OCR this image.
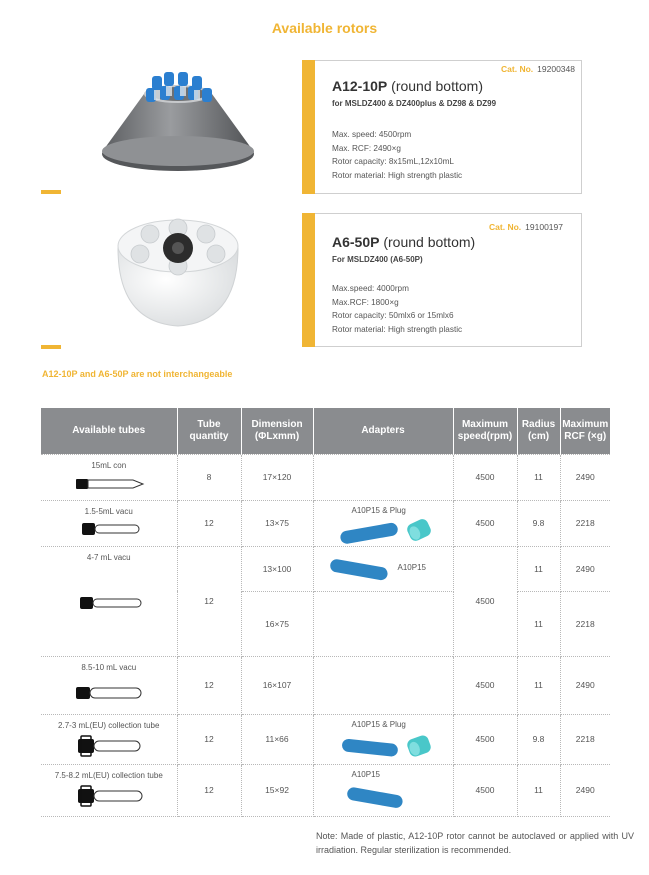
Available rotors
Cat. No. 19200348
A12-10P (round bottom)
for MSLDZ400 & DZ400plus & DZ98 & DZ99
Max. speed: 4500rpm
Max. RCF: 2490×g
Rotor capacity: 8x15mL,12x10mL
Rotor material: High strength plastic
Cat. No. 19100197
A6-50P (round bottom)
For MSLDZ400 (A6-50P)
Max.speed: 4000rpm
Max.RCF: 1800×g
Rotor capacity: 50mlx6 or 15mlx6
Rotor material: High strength plastic
A12-10P and A6-50P are not interchangeable
Available tubes	Tube quantity	Dimension (ΦLxmm)	Adapters	Maximum speed(rpm)	Radius (cm)	Maximum RCF (×g)

15mL con	8	17×120		4500	11	2490

1.5-5mL vacu	12	13×75	A10P15 & Plug	4500	9.8	2218

4-7 mL vacu	12	13×100	A10P15	4500	11	2490
		16×75			11	2218

8.5-10 mL vacu	12	16×107		4500	11	2490

2.7-3 mL(EU) collection tube	12	11×66	A10P15 & Plug	4500	9.8	2218

7.5-8.2 mL(EU) collection tube	12	15×92	A10P15	4500	11	2490
Note: Made of plastic, A12-10P rotor cannot be autoclaved or applied with UV irradiation. Regular sterilization is recommended.
